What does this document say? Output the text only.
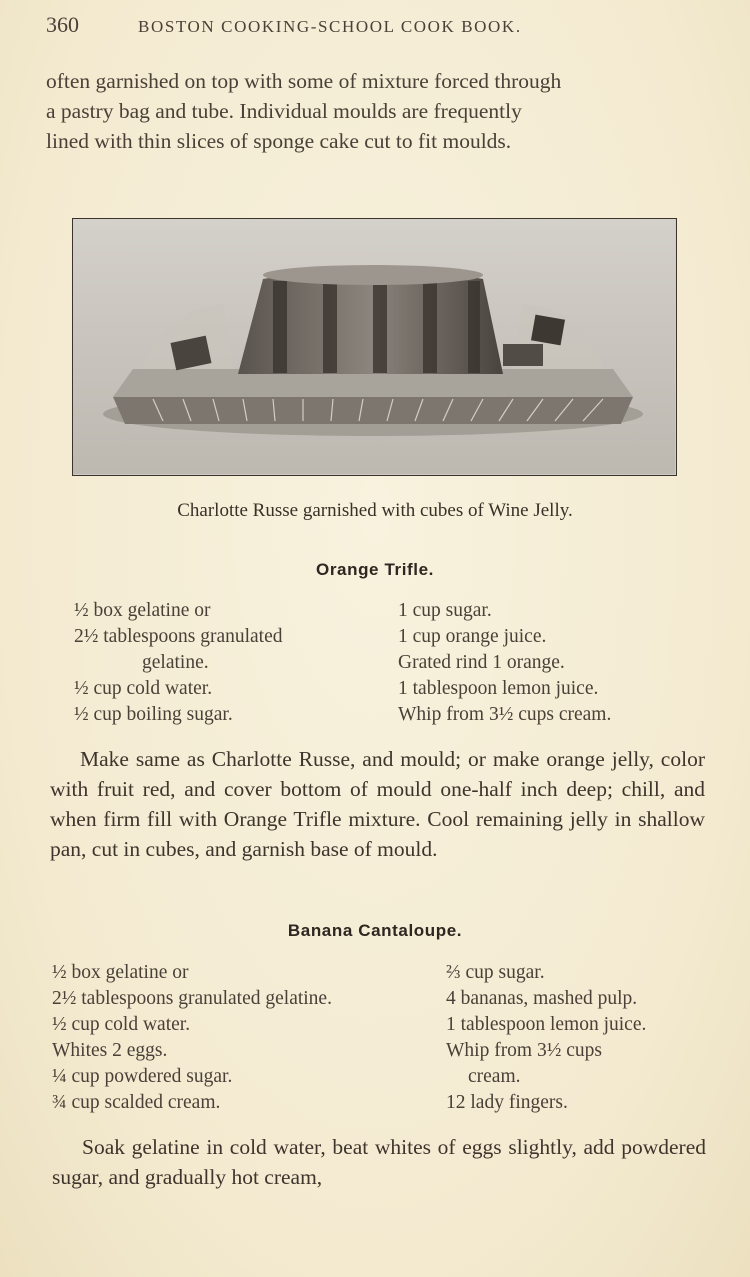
360	BOSTON COOKING-SCHOOL COOK BOOK.

often garnished on top with some of mixture forced through
a pastry bag and tube. Individual moulds are frequently
lined with thin slices of sponge cake cut to fit moulds.

Charlotte Russe garnished with cubes of Wine Jelly.
Orange Trifle.
½ box gelatine or
2½ tablespoons granulated
gelatine.
½ cup cold water.
½ cup boiling sugar.
1 cup sugar.
1 cup orange juice.
Grated rind 1 orange.
1 tablespoon lemon juice.
Whip from 3½ cups cream.

Make same as Charlotte Russe, and mould; or make orange jelly, color with fruit red, and cover bottom of mould one-half inch deep; chill, and when firm fill with Orange Trifle mixture. Cool remaining jelly in shallow pan, cut in cubes, and garnish base of mould.

Banana Cantaloupe.
½ box gelatine or
2½ tablespoons granulated gelatine.
½ cup cold water.
Whites 2 eggs.
¼ cup powdered sugar.
¾ cup scalded cream.
⅔ cup sugar.
4 bananas, mashed pulp.
1 tablespoon lemon juice.
Whip from 3½ cups
cream.
12 lady fingers.

Soak gelatine in cold water, beat whites of eggs slightly, add powdered sugar, and gradually hot cream,
